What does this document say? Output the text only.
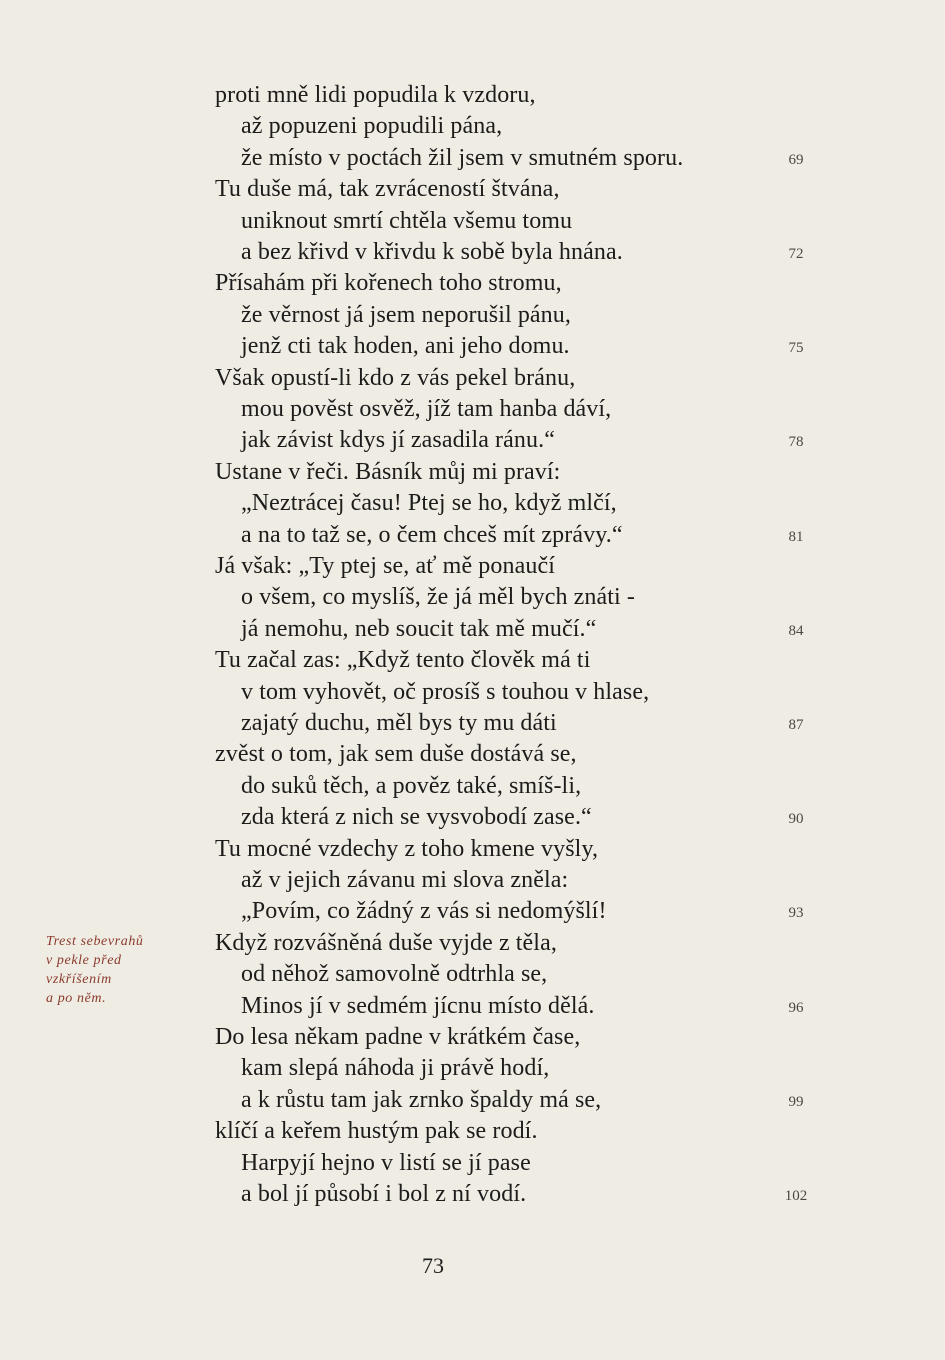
proti mně lidi popudila k vzdoru,
až popuzeni popudili pána,
že místo v poctách žil jsem v smutném sporu.
Tu duše má, tak zvráceností štvána,
uniknout smrtí chtěla všemu tomu
a bez křivd v křivdu k sobě byla hnána.
Přísahám při kořenech toho stromu,
že věrnost já jsem neporušil pánu,
jenž cti tak hoden, ani jeho domu.
Však opustí-li kdo z vás pekel bránu,
mou pověst osvěž, jíž tam hanba dáví,
jak závist kdys jí zasadila ránu.“
Ustane v řeči. Básník můj mi praví:
„Neztrácej času! Ptej se ho, když mlčí,
a na to taž se, o čem chceš mít zprávy.“
Já však: „Ty ptej se, ať mě ponaučí
o všem, co myslíš, že já měl bych znáti -
já nemohu, neb soucit tak mě mučí.“
Tu začal zas: „Když tento člověk má ti
v tom vyhovět, oč prosíš s touhou v hlase,
zajatý duchu, měl bys ty mu dáti
zvěst o tom, jak sem duše dostává se,
do suků těch, a pověz také, smíš-li,
zda která z nich se vysvobodí zase.“
Tu mocné vzdechy z toho kmene vyšly,
až v jejich závanu mi slova zněla:
„Povím, co žádný z vás si nedomýšlí!
Když rozvášněná duše vyjde z těla,
od něhož samovolně odtrhla se,
Minos jí v sedmém jícnu místo dělá.
Do lesa někam padne v krátkém čase,
kam slepá náhoda ji právě hodí,
a k růstu tam jak zrnko špaldy má se,
klíčí a keřem hustým pak se rodí.
Harpyjí hejno v listí se jí pase
a bol jí působí i bol z ní vodí.
69
72
75
78
81
84
87
90
93
96
99
102
Trest sebevrahů
v pekle před
vzkříšením
a po něm.
73
